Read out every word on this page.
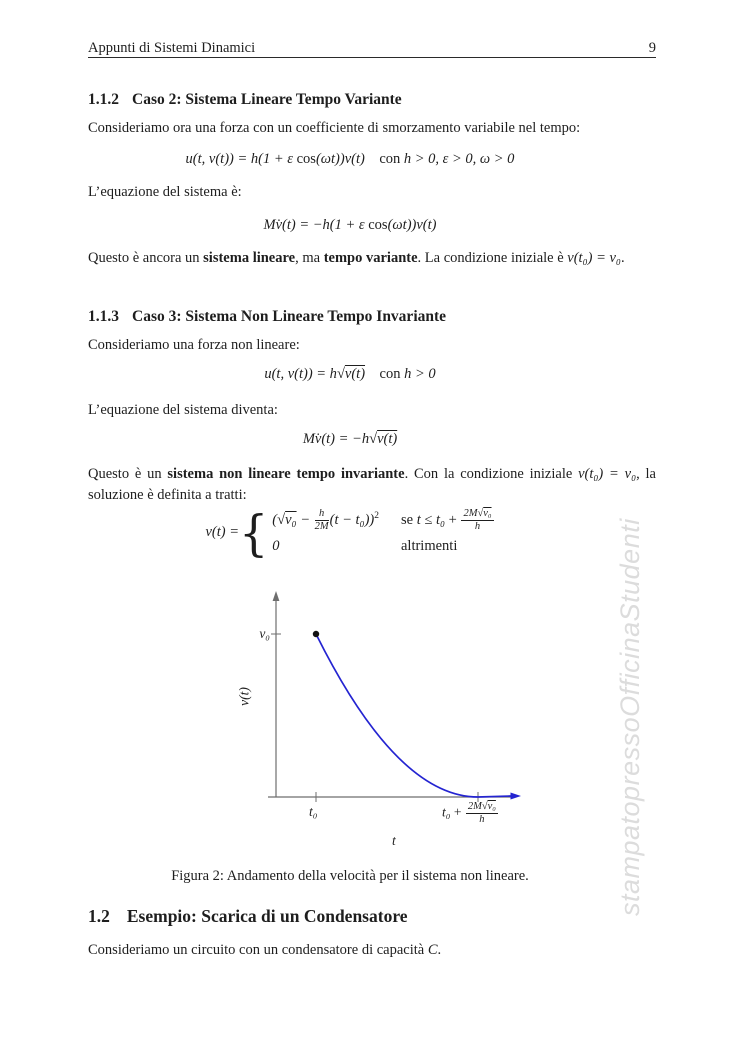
Appunti di Sistemi Dinamici	9
1.1.2 Caso 2: Sistema Lineare Tempo Variante
Consideriamo ora una forza con un coefficiente di smorzamento variabile nel tempo:
u(t, v(t)) = h(1 + ε cos(ωt))v(t) con h > 0, ε > 0, ω > 0
L’equazione del sistema è:
Mv̇(t) = −h(1 + ε cos(ωt))v(t)
Questo è ancora un sistema lineare, ma tempo variante. La condizione iniziale è v(t₀) = v₀.
1.1.3 Caso 3: Sistema Non Lineare Tempo Invariante
Consideriamo una forza non lineare:
u(t, v(t)) = h√v(t) con h > 0
L’equazione del sistema diventa:
Mv̇(t) = −h√v(t)
Questo è un sistema non lineare tempo invariante. Con la condizione iniziale v(t₀) = v₀, la soluzione è definita a tratti:
v(t) = { $(√v_0 - \frac{h}{2M} (t - t_0))^2$ se $t \le t_0 + \frac{\text{2M√v₀}}{h}$
0	altrimenti
v₀
v(t)
t₀	$t_0 + \frac{\text{2M√v₀}}{h}$
t
Figura 2: Andamento della velocità per il sistema non lineare.
1.2 Esempio: Scarica di un Condensatore
Consideriamo un circuito con un condensatore di capacità C.
stampatopressoOfficinaStudenti
